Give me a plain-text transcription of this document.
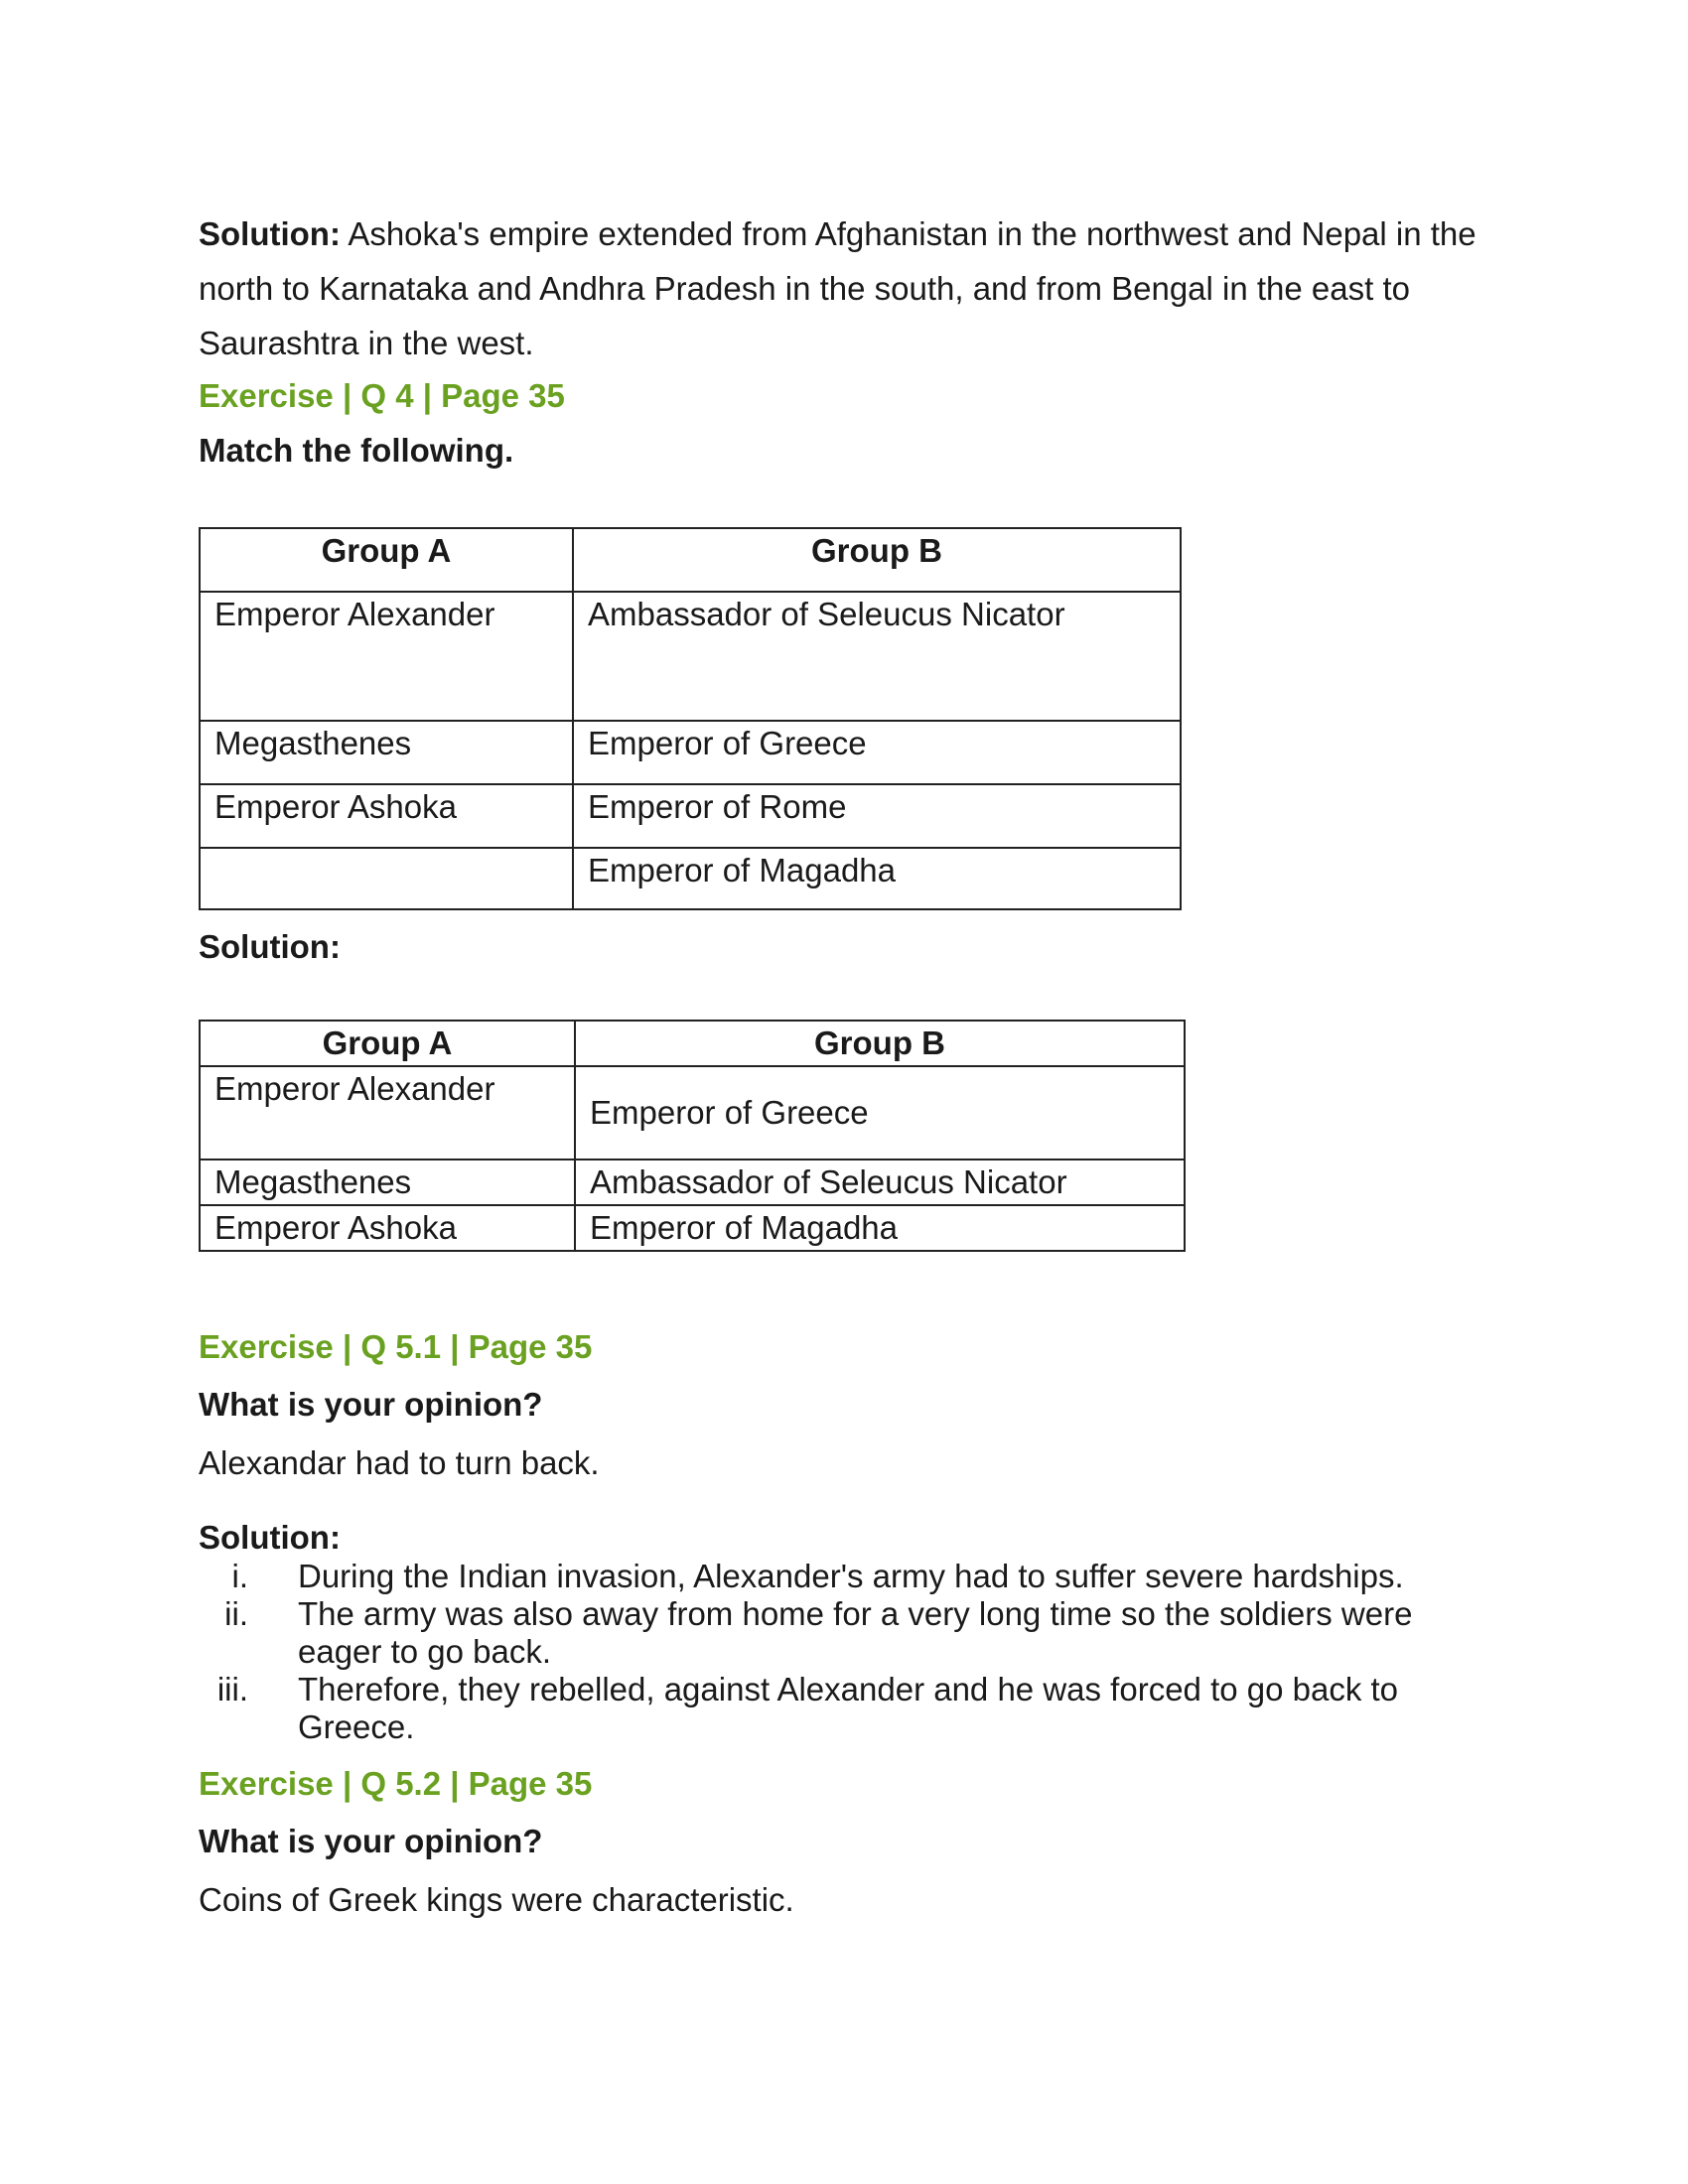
Solution: Ashoka's empire extended from Afghanistan in the northwest and Nepal in the north to Karnataka and Andhra Pradesh in the south, and from Bengal in the east to Saurashtra in the west.

Exercise | Q 4 | Page 35

Match the following.

Group A	Group B
Emperor Alexander	Ambassador of Seleucus Nicator
Megasthenes	Emperor of Greece
Emperor Ashoka	Emperor of Rome
	Emperor of Magadha

Solution:

Group A	Group B
Emperor Alexander	Emperor of Greece
Megasthenes	Ambassador of Seleucus Nicator
Emperor Ashoka	Emperor of Magadha

Exercise | Q 5.1 | Page 35

What is your opinion?

Alexandar had to turn back.

Solution:

i. During the Indian invasion, Alexander's army had to suffer severe hardships.
ii. The army was also away from home for a very long time so the soldiers were eager to go back.
iii. Therefore, they rebelled, against Alexander and he was forced to go back to Greece.

Exercise | Q 5.2 | Page 35

What is your opinion?

Coins of Greek kings were characteristic.
